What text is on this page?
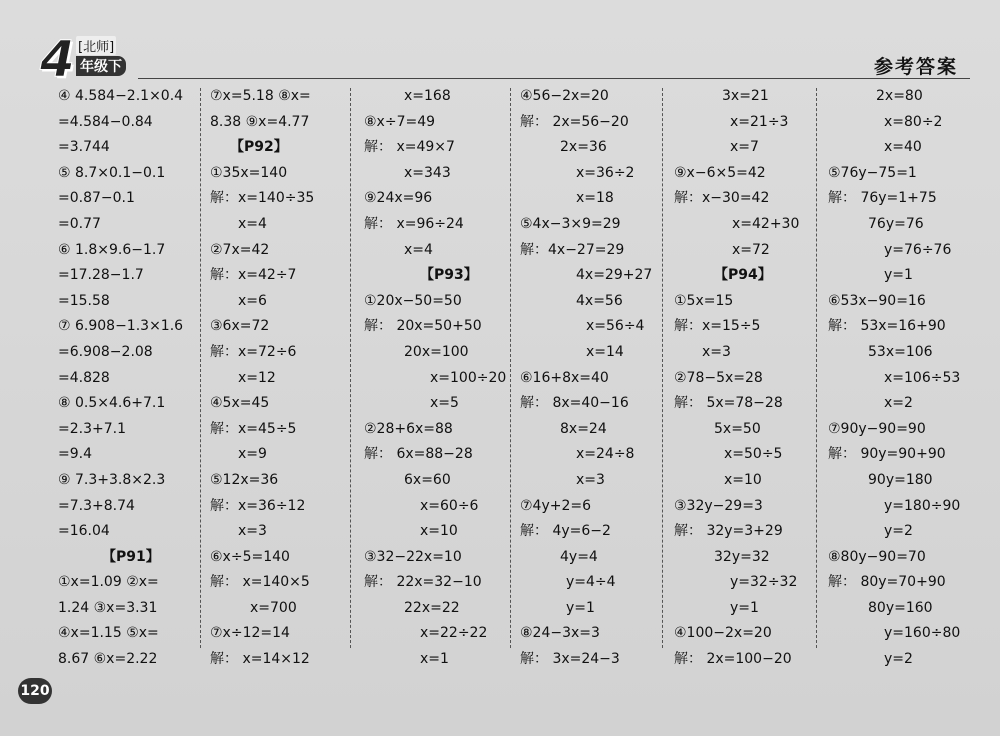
4 [北师]
年级下	参考答案
④ 4.584−2.1×0.4
=4.584−0.84
=3.744
⑤ 8.7×0.1−0.1
=0.87−0.1
=0.77
⑥ 1.8×9.6−1.7
=17.28−1.7
=15.58
⑦ 6.908−1.3×1.6
=6.908−2.08
=4.828
⑧ 0.5×4.6+7.1
=2.3+7.1
=9.4
⑨ 7.3+3.8×2.3
=7.3+8.74
=16.04
【P91】
①x=1.09 ②x=
1.24 ③x=3.31
④x=1.15 ⑤x=
8.67 ⑥x=2.22
⑦x=5.18 ⑧x=
8.38 ⑨x=4.77
【P92】
①35x=140
解：x=140÷35
x=4
②7x=42
解：x=42÷7
x=6
③6x=72
解：x=72÷6
x=12
④5x=45
解：x=45÷5
x=9
⑤12x=36
解：x=36÷12
x=3
⑥x÷5=140
解： x=140×5
x=700
⑦x÷12=14
解： x=14×12
x=168
⑧x÷7=49
解： x=49×7
x=343
⑨24x=96
解： x=96÷24
x=4
【P93】
①20x−50=50
解： 20x=50+50
20x=100
x=100÷20
x=5
②28+6x=88
解： 6x=88−28
6x=60
x=60÷6
x=10
③32−22x=10
解： 22x=32−10
22x=22
x=22÷22
x=1
④56−2x=20
解： 2x=56−20
2x=36
x=36÷2
x=18
⑤4x−3×9=29
解：4x−27=29
4x=29+27
4x=56
x=56÷4
x=14
⑥16+8x=40
解： 8x=40−16
8x=24
x=24÷8
x=3
⑦4y+2=6
解： 4y=6−2
4y=4
y=4÷4
y=1
⑧24−3x=3
解： 3x=24−3
3x=21
x=21÷3
x=7
⑨x−6×5=42
解：x−30=42
x=42+30
x=72
【P94】
①5x=15
解：x=15÷5
x=3
②78−5x=28
解： 5x=78−28
5x=50
x=50÷5
x=10
③32y−29=3
解： 32y=3+29
32y=32
y=32÷32
y=1
④100−2x=20
解： 2x=100−20
2x=80
x=80÷2
x=40
⑤76y−75=1
解： 76y=1+75
76y=76
y=76÷76
y=1
⑥53x−90=16
解： 53x=16+90
53x=106
x=106÷53
x=2
⑦90y−90=90
解： 90y=90+90
90y=180
y=180÷90
y=2
⑧80y−90=70
解： 80y=70+90
80y=160
y=160÷80
y=2
120
